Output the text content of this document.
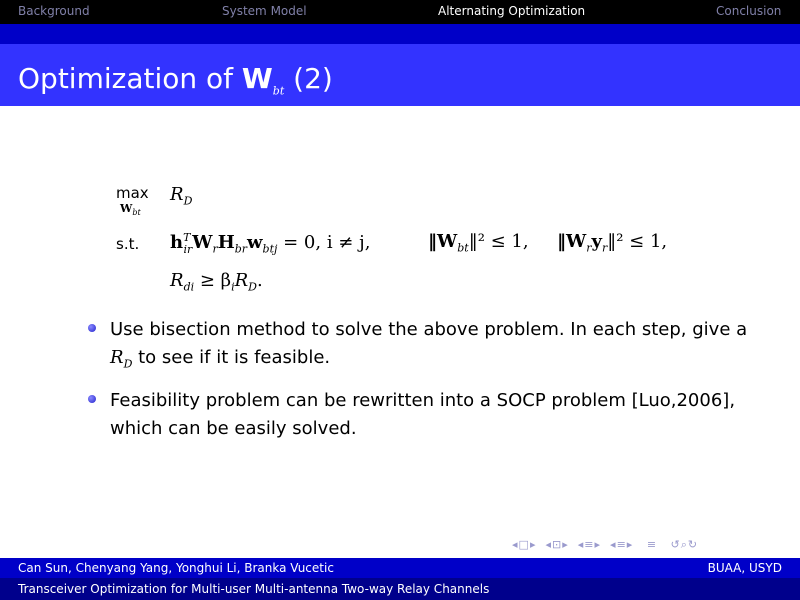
Background	System Model	Alternating Optimization	Conclusion
Optimization of $W_{bt}$ (2)
max
$W_{bt}$
$R_D$
s.t. $h^T_{ir}W_rH_{br}w_{btj} = 0$, i ≠ j,	$‖W_{bt}‖^2 \le 1$, $‖W_ry_r‖^2 \le 1$,
$R_{di} \ge \beta_iR_D$.
Use bisection method to solve the above problem. In each step, give a $R_D$ to see if it is feasible.
Feasibility problem can be rewritten into a SOCP problem [Luo,2006], which can be easily solved.
◂□▸ ◂⊡▸ ◂≡▸ ◂≡▸ ≡ ↺⌕↻
Can Sun, Chenyang Yang, Yonghui Li, Branka Vucetic	BUAA, USYD
Transceiver Optimization for Multi-user Multi-antenna Two-way Relay Channels
